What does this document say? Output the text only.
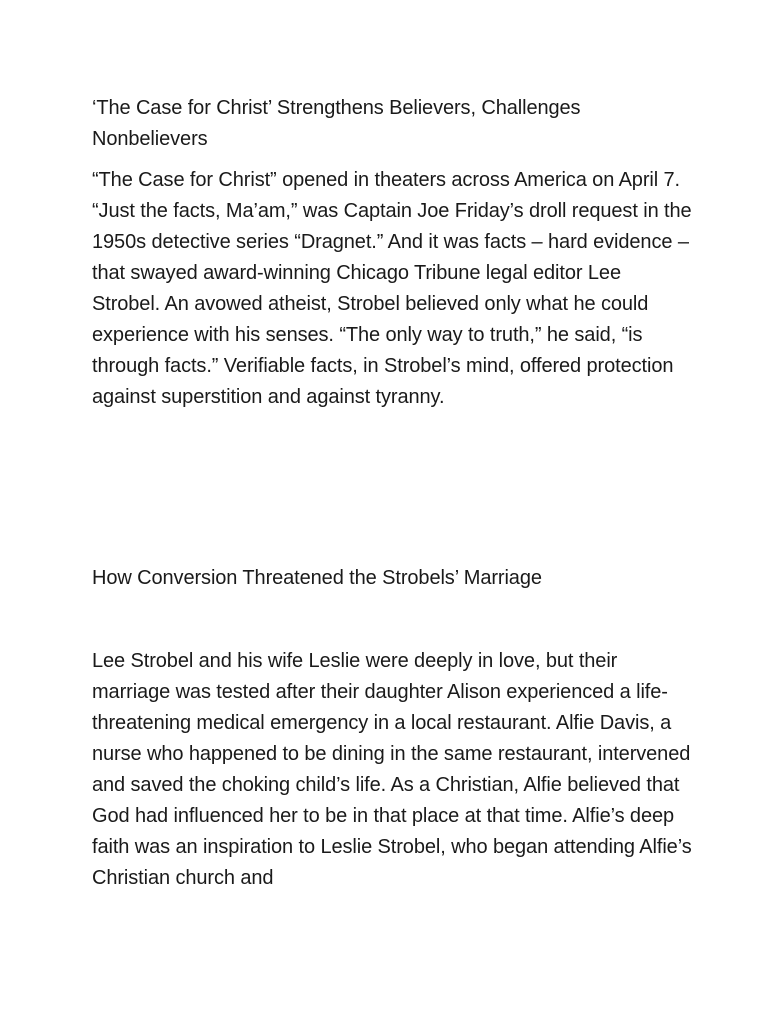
‘The Case for Christ’ Strengthens Believers, Challenges Nonbelievers

“The Case for Christ” opened in theaters across America on April 7. “Just the facts, Ma’am,” was Captain Joe Friday’s droll request in the 1950s detective series “Dragnet.” And it was facts – hard evidence – that swayed award-winning Chicago Tribune legal editor Lee Strobel. An avowed atheist, Strobel believed only what he could experience with his senses. “The only way to truth,” he said, “is through facts.” Verifiable facts, in Strobel’s mind, offered protection against superstition and against tyranny.

How Conversion Threatened the Strobels’ Marriage

Lee Strobel and his wife Leslie were deeply in love, but their marriage was tested after their daughter Alison experienced a life-threatening medical emergency in a local restaurant. Alfie Davis, a nurse who happened to be dining in the same restaurant, intervened and saved the choking child’s life. As a Christian, Alfie believed that God had influenced her to be in that place at that time. Alfie’s deep faith was an inspiration to Leslie Strobel, who began attending Alfie’s Christian church and
